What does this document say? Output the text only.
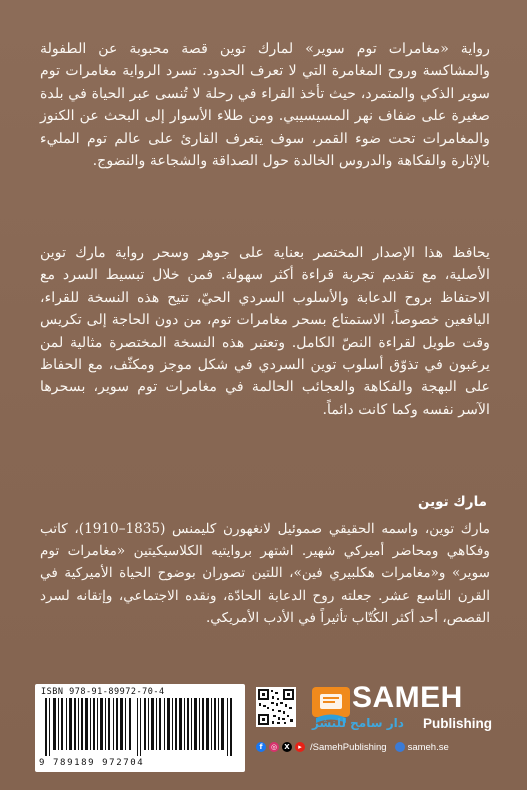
رواية «مغامرات توم سوير» لمارك توين قصة محبوبة عن الطفولة والمشاكسة وروح المغامرة التي لا تعرف الحدود. تسرد الرواية مغامرات توم سوير الذكي والمتمرد، حيث تأخذ القراء في رحلة لا تُنسى عبر الحياة في بلدة صغيرة على ضفاف نهر المسيسيبي. ومن طلاء الأسوار إلى البحث عن الكنوز والمغامرات تحت ضوء القمر، سوف يتعرف القارئ على عالم توم المليء بالإثارة والفكاهة والدروس الخالدة حول الصداقة والشجاعة والنضوج.
يحافظ هذا الإصدار المختصر بعناية على جوهر وسحر رواية مارك توين الأصلية، مع تقديم تجربة قراءة أكثر سهولة. فمن خلال تبسيط السرد مع الاحتفاظ بروح الدعابة والأسلوب السردي الحيّ، تتيح هذه النسخة للقراء، اليافعين خصوصاً، الاستمتاع بسحر مغامرات توم، من دون الحاجة إلى تكريس وقت طويل لقراءة النصّ الكامل. وتعتبر هذه النسخة المختصرة مثالية لمن يرغبون في تذوّق أسلوب توين السردي في شكل موجز ومكثّف، مع الحفاظ على البهجة والفكاهة والعجائب الحالمة في مغامرات توم سوير، بسحرها الآسر نفسه وكما كانت دائماً.
مارك توين
مارك توين، واسمه الحقيقي صموئيل لانغهورن كليمنس (1835–1910)، كاتب وفكاهي ومحاضر أميركي شهير. اشتهر بروايتيه الكلاسيكيتين «مغامرات توم سوير» و«مغامرات هكلبيري فين»، اللتين تصوران بوضوح الحياة الأميركية في القرن التاسع عشر. جعلته روح الدعابة الحادّة، ونقده الاجتماعي، وإتقانه لسرد القصص، أحد أكثر الكُتّاب تأثيراً في الأدب الأمريكي.
ISBN 978-91-89972-70-4
9 789189 972704
SAMEH
دار سامح للنشر Publishing
f	◎	X	▸ /SamehPublishing sameh.se
